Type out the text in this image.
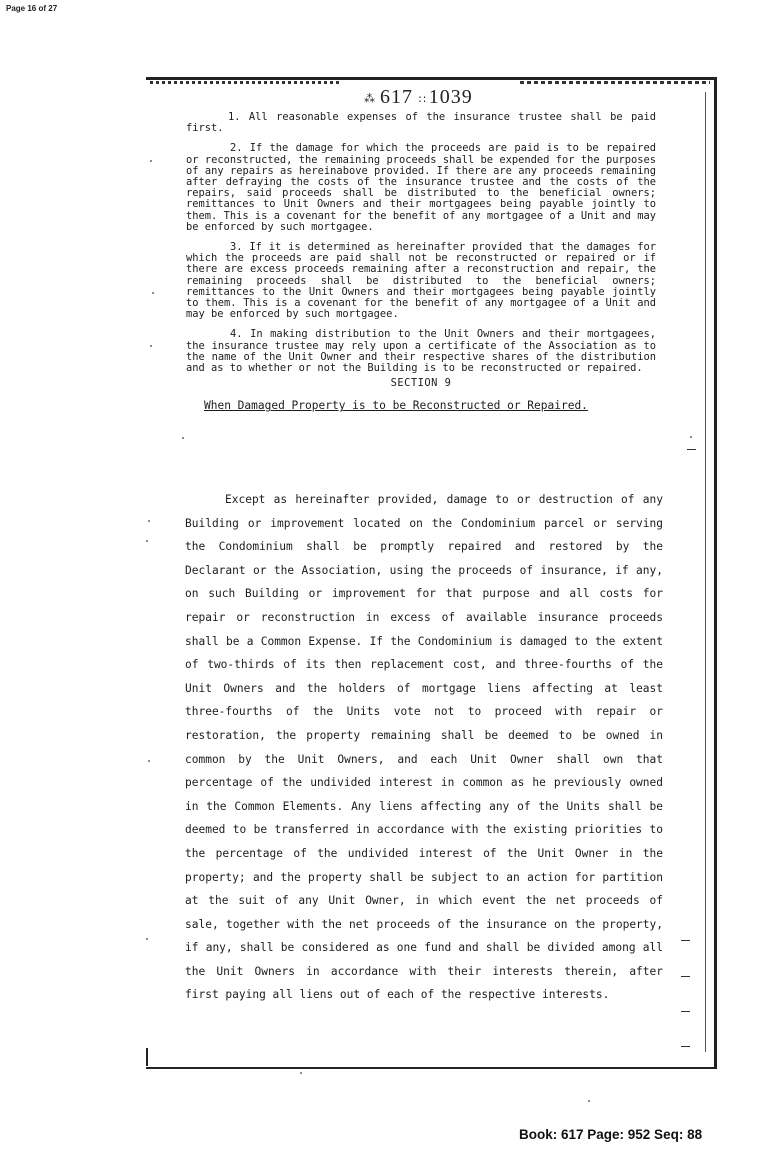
Page 16 of 27
⁂ 617 ∷ 1039

1. All reasonable expenses of the insurance trustee shall be paid first.

2. If the damage for which the proceeds are paid is to be repaired or reconstructed, the remaining proceeds shall be expended for the purposes of any repairs as hereinabove provided. If there are any proceeds remaining after defraying the costs of the insurance trustee and the costs of the repairs, said proceeds shall be distributed to the beneficial owners; remittances to Unit Owners and their mortgagees being payable jointly to them. This is a covenant for the benefit of any mortgagee of a Unit and may be enforced by such mortgagee.

3. If it is determined as hereinafter provided that the damages for which the proceeds are paid shall not be reconstructed or repaired or if there are excess proceeds remaining after a reconstruction and repair, the remaining proceeds shall be distributed to the beneficial owners; remittances to the Unit Owners and their mortgagees being payable jointly to them. This is a covenant for the benefit of any mortgagee of a Unit and may be enforced by such mortgagee.

4. In making distribution to the Unit Owners and their mortgagees, the insurance trustee may rely upon a certificate of the Association as to the name of the Unit Owner and their respective shares of the distribution and as to whether or not the Building is to be reconstructed or repaired.

SECTION 9
When Damaged Property is to be Reconstructed or Repaired.

Except as hereinafter provided, damage to or destruction of any Building or improvement located on the Condominium parcel or serving the Condominium shall be promptly repaired and restored by the Declarant or the Association, using the proceeds of insurance, if any, on such Building or improvement for that purpose and all costs for repair or reconstruction in excess of available insurance proceeds shall be a Common Expense. If the Condominium is damaged to the extent of two-thirds of its then replacement cost, and three-fourths of the Unit Owners and the holders of mortgage liens affecting at least three-fourths of the Units vote not to proceed with repair or restoration, the property remaining shall be deemed to be owned in common by the Unit Owners, and each Unit Owner shall own that percentage of the undivided interest in common as he previously owned in the Common Elements. Any liens affecting any of the Units shall be deemed to be transferred in accordance with the existing priorities to the percentage of the undivided interest of the Unit Owner in the property; and the property shall be subject to an action for partition at the suit of any Unit Owner, in which event the net proceeds of sale, together with the net proceeds of the insurance on the property, if any, shall be considered as one fund and shall be divided among all the Unit Owners in accordance with their interests therein, after first paying all liens out of each of the respective interests.

Book: 617 Page: 952 Seq: 88
